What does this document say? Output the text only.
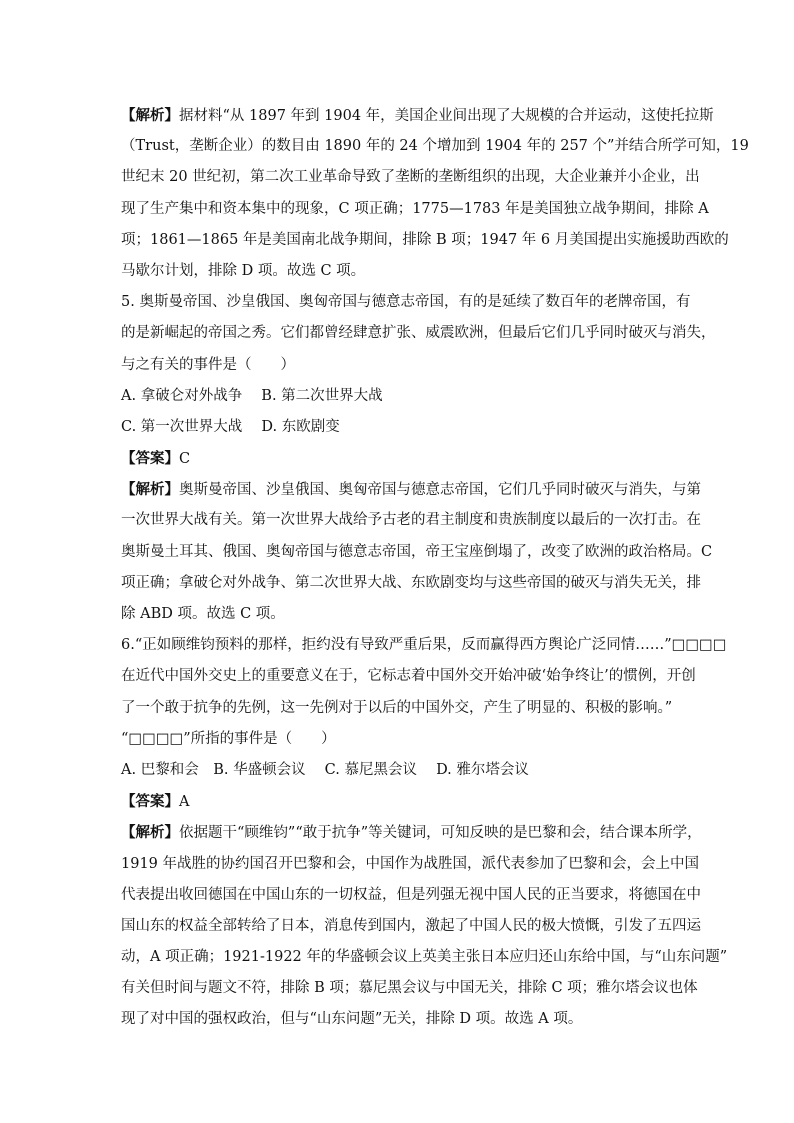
【解析】据材料“从 1897 年到 1904 年，美国企业间出现了大规模的合并运动，这使托拉斯
（Trust，垄断企业）的数目由 1890 年的 24 个增加到 1904 年的 257 个”并结合所学可知，19
世纪末 20 世纪初，第二次工业革命导致了垄断的垄断组织的出现，大企业兼并小企业，出
现了生产集中和资本集中的现象，C 项正确；1775—1783 年是美国独立战争期间，排除 A
项；1861—1865 年是美国南北战争期间，排除 B 项；1947 年 6 月美国提出实施援助西欧的
马歇尔计划，排除 D 项。故选 C 项。
5. 奥斯曼帝国、沙皇俄国、奥匈帝国与德意志帝国，有的是延续了数百年的老牌帝国，有
的是新崛起的帝国之秀。它们都曾经肆意扩张、威震欧洲，但最后它们几乎同时破灭与消失，
与之有关的事件是（　　）
A. 拿破仑对外战争　 B. 第二次世界大战
C. 第一次世界大战　 D. 东欧剧变
【答案】C
【解析】奥斯曼帝国、沙皇俄国、奥匈帝国与德意志帝国，它们几乎同时破灭与消失，与第
一次世界大战有关。第一次世界大战给予古老的君主制度和贵族制度以最后的一次打击。在
奥斯曼土耳其、俄国、奥匈帝国与德意志帝国，帝王宝座倒塌了，改变了欧洲的政治格局。C
项正确；拿破仑对外战争、第二次世界大战、东欧剧变均与这些帝国的破灭与消失无关，排
除 ABD 项。故选 C 项。
6.“正如顾维钧预料的那样，拒约没有导致严重后果，反而赢得西方舆论广泛同情……”□□□□
在近代中国外交史上的重要意义在于，它标志着中国外交开始冲破‘始争终让’的惯例，开创
了一个敢于抗争的先例，这一先例对于以后的中国外交，产生了明显的、积极的影响。”
“□□□□”所指的事件是（　　）
A. 巴黎和会　B. 华盛顿会议　 C. 慕尼黑会议　 D. 雅尔塔会议
【答案】A
【解析】依据题干“顾维钧”“敢于抗争”等关键词，可知反映的是巴黎和会，结合课本所学，
1919 年战胜的协约国召开巴黎和会，中国作为战胜国，派代表参加了巴黎和会，会上中国
代表提出收回德国在中国山东的一切权益，但是列强无视中国人民的正当要求，将德国在中
国山东的权益全部转给了日本，消息传到国内，激起了中国人民的极大愤慨，引发了五四运
动，A 项正确；1921-1922 年的华盛顿会议上英美主张日本应归还山东给中国，与“山东问题”
有关但时间与题文不符，排除 B 项；慕尼黑会议与中国无关，排除 C 项；雅尔塔会议也体
现了对中国的强权政治，但与“山东问题”无关，排除 D 项。故选 A 项。
